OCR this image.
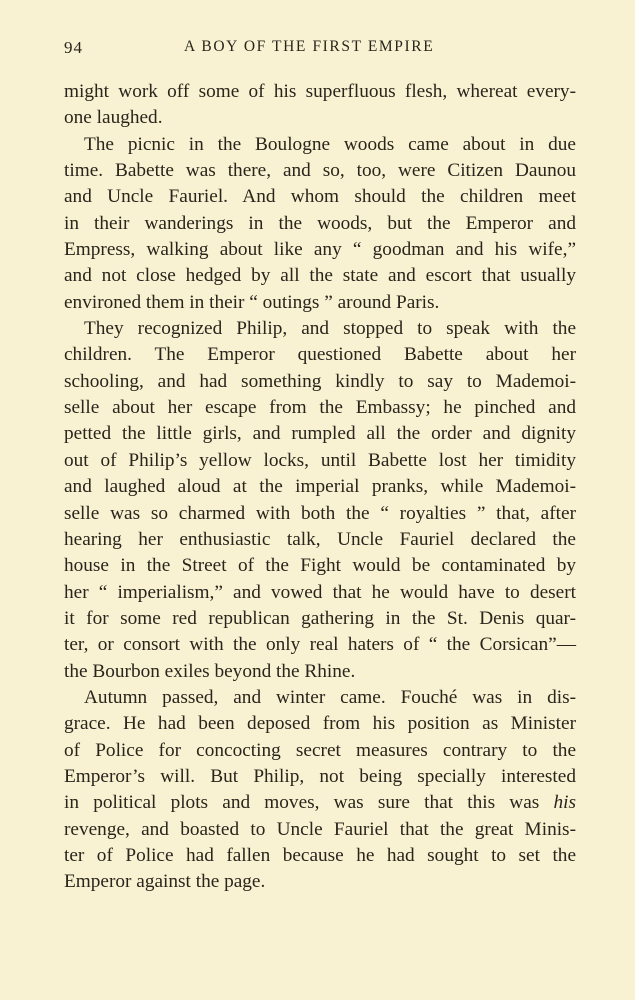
94	A BOY OF THE FIRST EMPIRE
might work off some of his superfluous flesh, whereat every-
one laughed.
The picnic in the Boulogne woods came about in due
time. Babette was there, and so, too, were Citizen Daunou
and Uncle Fauriel. And whom should the children meet
in their wanderings in the woods, but the Emperor and
Empress, walking about like any “ goodman and his wife,”
and not close hedged by all the state and escort that usually
environed them in their “ outings ” around Paris.
They recognized Philip, and stopped to speak with the
children. The Emperor questioned Babette about her
schooling, and had something kindly to say to Mademoi-
selle about her escape from the Embassy; he pinched and
petted the little girls, and rumpled all the order and dignity
out of Philip’s yellow locks, until Babette lost her timidity
and laughed aloud at the imperial pranks, while Mademoi-
selle was so charmed with both the “ royalties ” that, after
hearing her enthusiastic talk, Uncle Fauriel declared the
house in the Street of the Fight would be contaminated by
her “ imperialism,” and vowed that he would have to desert
it for some red republican gathering in the St. Denis quar-
ter, or consort with the only real haters of “ the Corsican”—
the Bourbon exiles beyond the Rhine.
Autumn passed, and winter came. Fouché was in dis-
grace. He had been deposed from his position as Minister
of Police for concocting secret measures contrary to the
Emperor’s will. But Philip, not being specially interested
in political plots and moves, was sure that this was his
revenge, and boasted to Uncle Fauriel that the great Minis-
ter of Police had fallen because he had sought to set the
Emperor against the page.
